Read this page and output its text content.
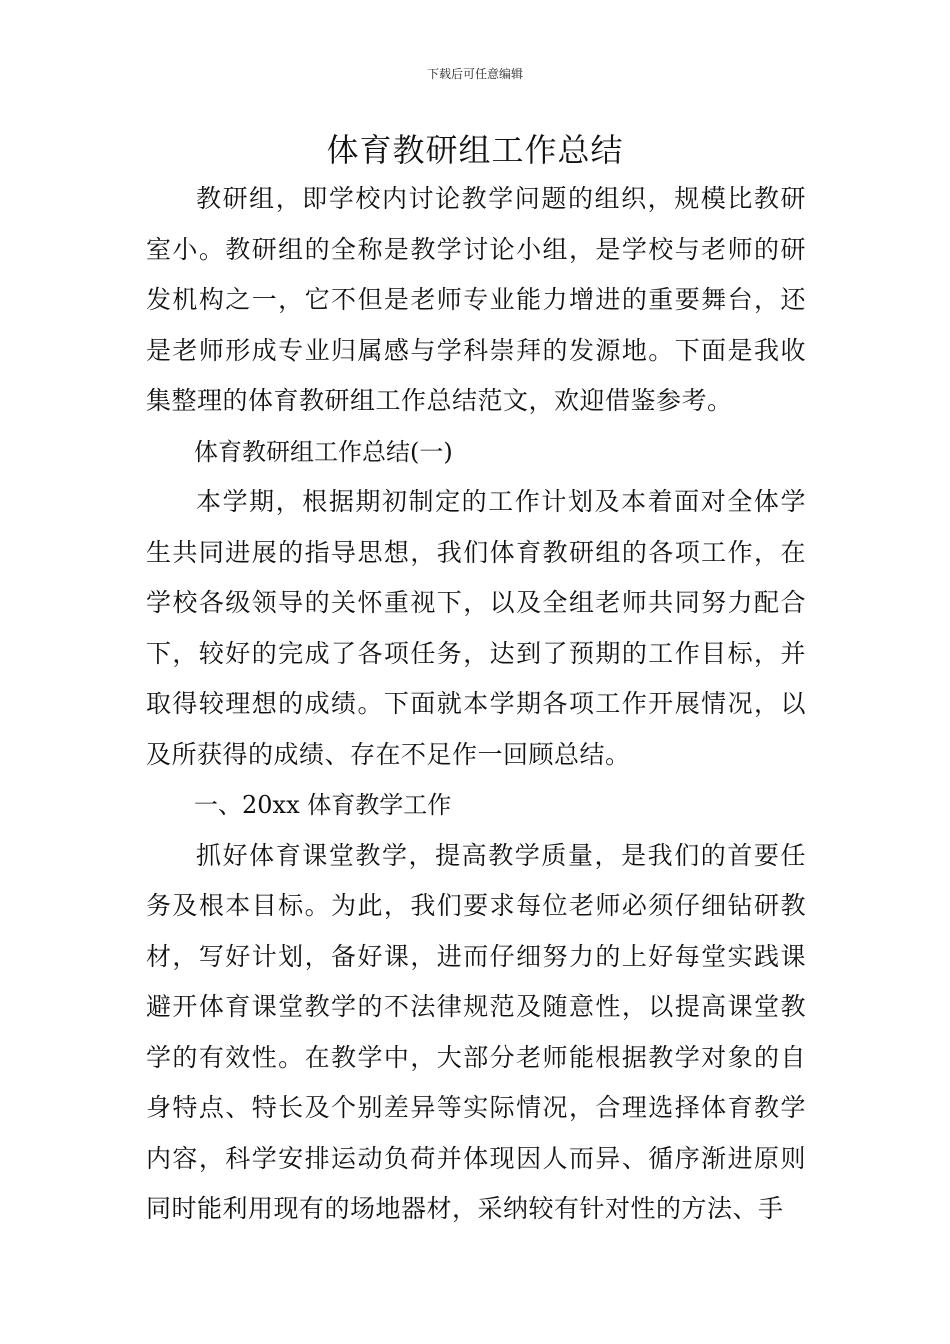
下载后可任意编辑
体育教研组工作总结

教研组，即学校内讨论教学问题的组织，规模比教研室小。教研组的全称是教学讨论小组，是学校与老师的研发机构之一，它不但是老师专业能力增进的重要舞台，还是老师形成专业归属感与学科崇拜的发源地。下面是我收集整理的体育教研组工作总结范文，欢迎借鉴参考。

体育教研组工作总结(一)

本学期，根据期初制定的工作计划及本着面对全体学生共同进展的指导思想，我们体育教研组的各项工作，在学校各级领导的关怀重视下，以及全组老师共同努力配合下，较好的完成了各项任务，达到了预期的工作目标，并取得较理想的成绩。下面就本学期各项工作开展情况，以及所获得的成绩、存在不足作一回顾总结。

一、20xx 体育教学工作

抓好体育课堂教学，提高教学质量，是我们的首要任务及根本目标。为此，我们要求每位老师必须仔细钻研教材，写好计划，备好课，进而仔细努力的上好每堂实践课避开体育课堂教学的不法律规范及随意性，以提高课堂教学的有效性。在教学中，大部分老师能根据教学对象的自身特点、特长及个别差异等实际情况，合理选择体育教学内容，科学安排运动负荷并体现因人而异、循序渐进原则同时能利用现有的场地器材，采纳较有针对性的方法、手
